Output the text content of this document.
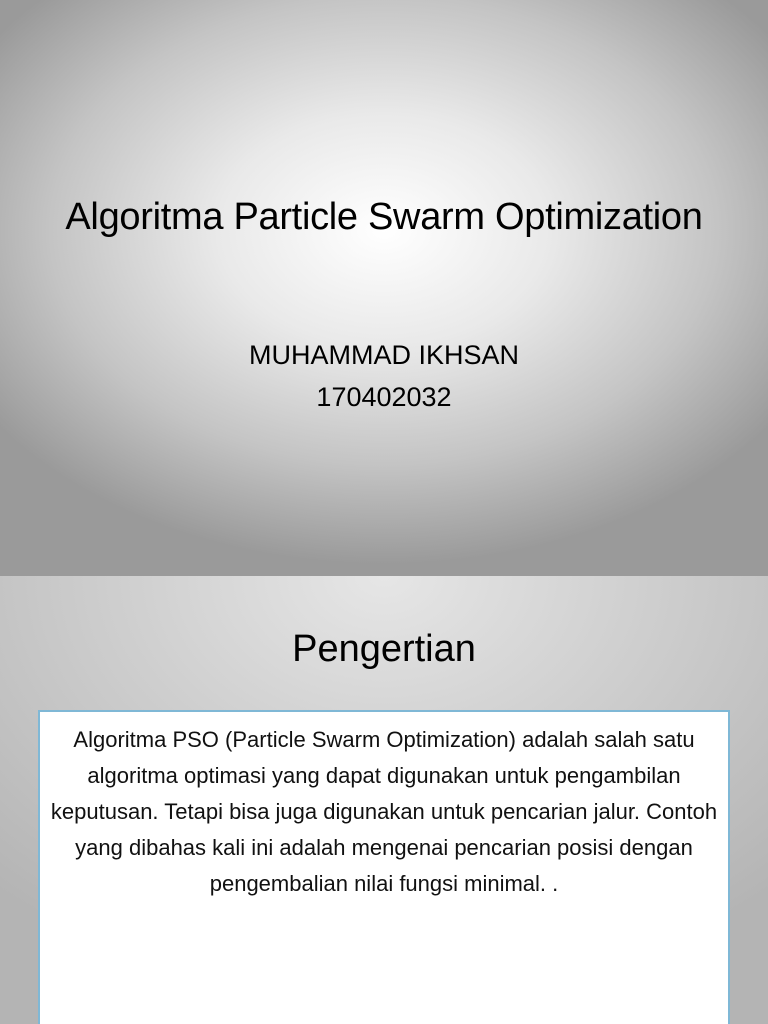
Algoritma Particle Swarm Optimization
MUHAMMAD IKHSAN
170402032
Pengertian
Algoritma PSO (Particle Swarm Optimization) adalah salah satu algoritma optimasi yang dapat digunakan untuk pengambilan keputusan. Tetapi bisa juga digunakan untuk pencarian jalur. Contoh yang dibahas kali ini adalah mengenai pencarian posisi dengan pengembalian nilai fungsi minimal. .
